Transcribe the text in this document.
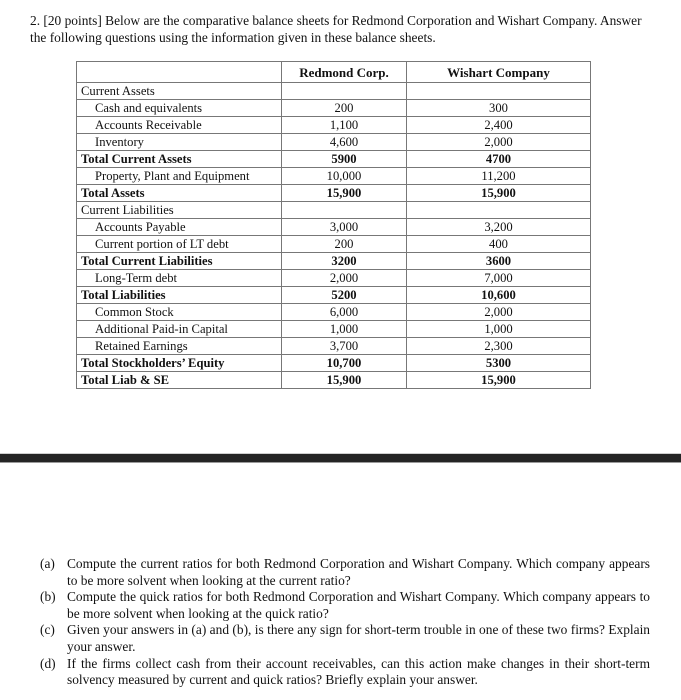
2. [20 points] Below are the comparative balance sheets for Redmond Corporation and Wishart Company. Answer the following questions using the information given in these balance sheets.
	Redmond Corp.	Wishart Company
Current Assets		
Cash and equivalents	200	300
Accounts Receivable	1,100	2,400
Inventory	4,600	2,000
Total Current Assets	5900	4700
Property, Plant and Equipment	10,000	11,200
Total Assets	15,900	15,900
Current Liabilities		
Accounts Payable	3,000	3,200
Current portion of LT debt	200	400
Total Current Liabilities	3200	3600
Long-Term debt	2,000	7,000
Total Liabilities	5200	10,600
Common Stock	6,000	2,000
Additional Paid-in Capital	1,000	1,000
Retained Earnings	3,700	2,300
Total Stockholders’ Equity	10,700	5300
Total Liab & SE	15,900	15,900
(a) Compute the current ratios for both Redmond Corporation and Wishart Company. Which company appears to be more solvent when looking at the current ratio?
(b) Compute the quick ratios for both Redmond Corporation and Wishart Company. Which company appears to be more solvent when looking at the quick ratio?
(c) Given your answers in (a) and (b), is there any sign for short-term trouble in one of these two firms? Explain your answer.
(d) If the firms collect cash from their account receivables, can this action make changes in their short-term solvency measured by current and quick ratios? Briefly explain your answer.
